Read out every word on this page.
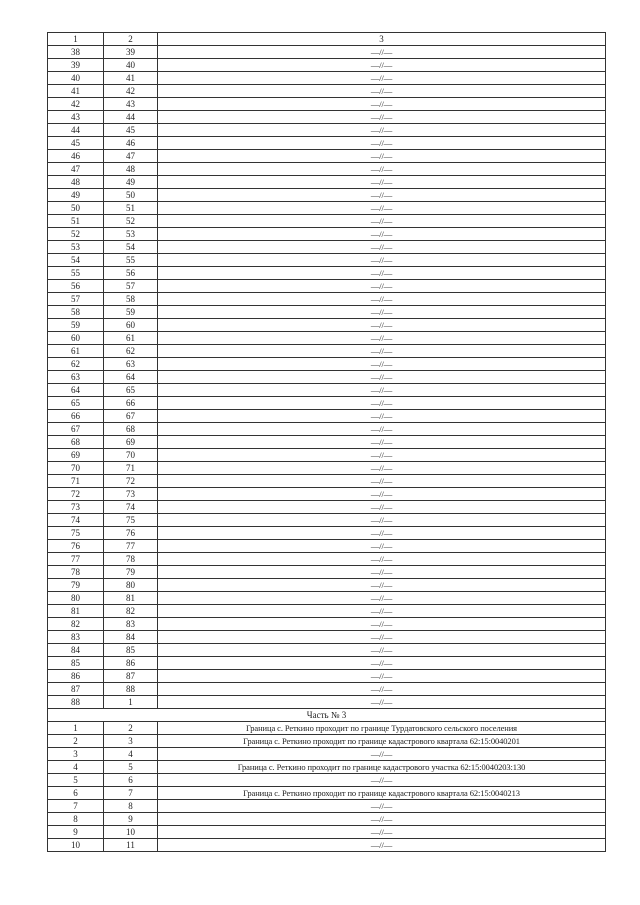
1	2	3
38	39	—//—
39	40	—//—
40	41	—//—
41	42	—//—
42	43	—//—
43	44	—//—
44	45	—//—
45	46	—//—
46	47	—//—
47	48	—//—
48	49	—//—
49	50	—//—
50	51	—//—
51	52	—//—
52	53	—//—
53	54	—//—
54	55	—//—
55	56	—//—
56	57	—//—
57	58	—//—
58	59	—//—
59	60	—//—
60	61	—//—
61	62	—//—
62	63	—//—
63	64	—//—
64	65	—//—
65	66	—//—
66	67	—//—
67	68	—//—
68	69	—//—
69	70	—//—
70	71	—//—
71	72	—//—
72	73	—//—
73	74	—//—
74	75	—//—
75	76	—//—
76	77	—//—
77	78	—//—
78	79	—//—
79	80	—//—
80	81	—//—
81	82	—//—
82	83	—//—
83	84	—//—
84	85	—//—
85	86	—//—
86	87	—//—
87	88	—//—
88	1	—//—
Часть № 3		
1	2	Граница с. Реткино проходит по границе Турдатовского сельского поселения
2	3	Граница с. Реткино проходит по границе кадастрового квартала 62:15:0040201
3	4	—//—
4	5	Граница с. Реткино проходит по границе кадастрового участка 62:15:0040203:130
5	6	—//—
6	7	Граница с. Реткино проходит по границе кадастрового квартала 62:15:0040213
7	8	—//—
8	9	—//—
9	10	—//—
10	11	—//—
